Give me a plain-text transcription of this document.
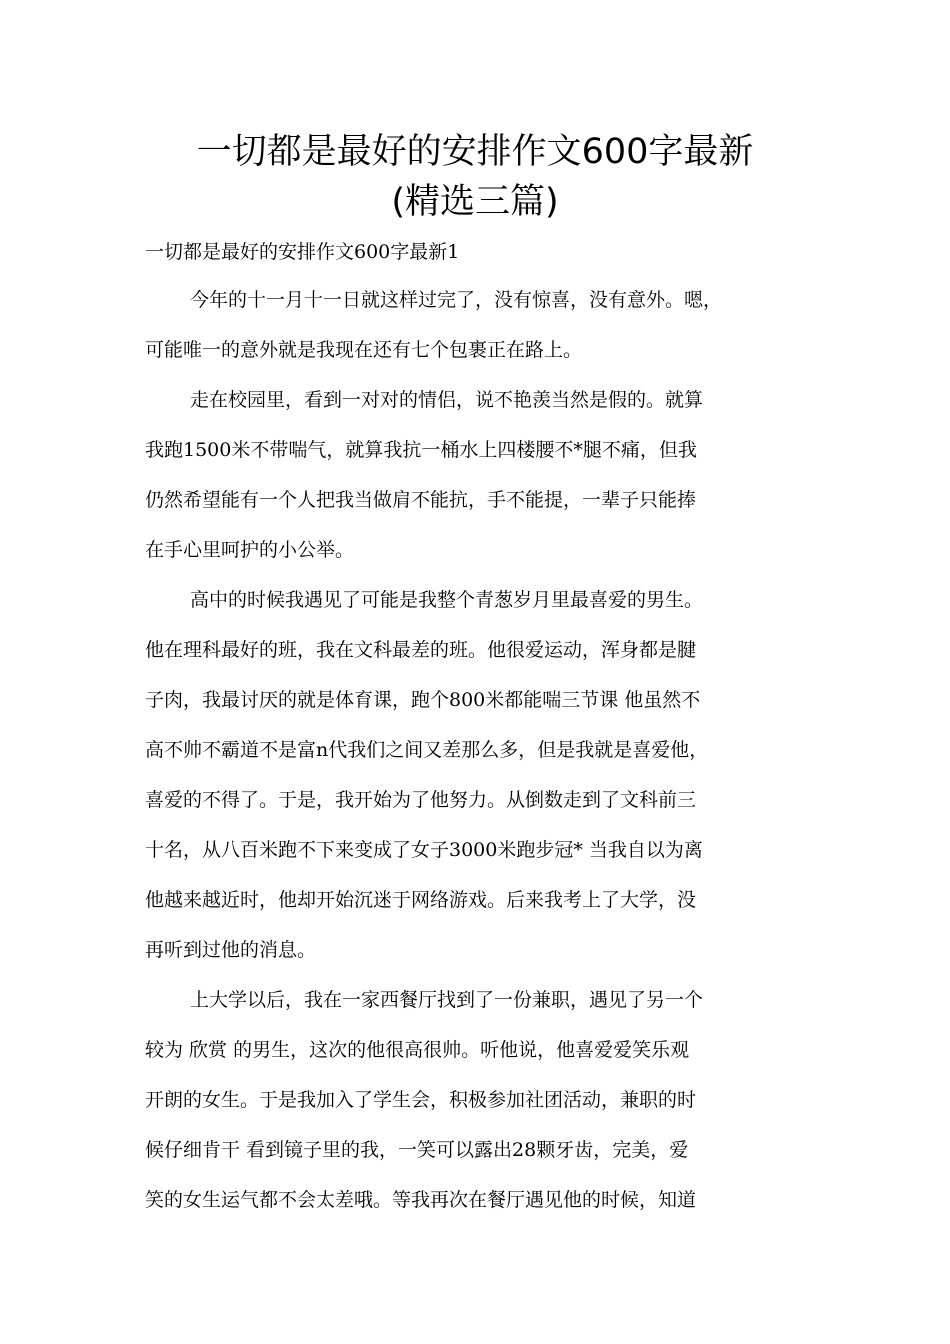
一切都是最好的安排作文600字最新
(精选三篇)
一切都是最好的安排作文600字最新1
今年的十一月十一日就这样过完了，没有惊喜，没有意外。嗯，
可能唯一的意外就是我现在还有七个包裹正在路上。
走在校园里，看到一对对的情侣，说不艳羡当然是假的。就算
我跑1500米不带喘气，就算我抗一桶水上四楼腰不*腿不痛，但我
仍然希望能有一个人把我当做肩不能抗，手不能提，一辈子只能捧
在手心里呵护的小公举。
高中的时候我遇见了可能是我整个青葱岁月里最喜爱的男生。
他在理科最好的班，我在文科最差的班。他很爱运动，浑身都是腱
子肉，我最讨厌的就是体育课，跑个800米都能喘三节课 他虽然不
高不帅不霸道不是富n代我们之间又差那么多，但是我就是喜爱他，
喜爱的不得了。于是，我开始为了他努力。从倒数走到了文科前三
十名，从八百米跑不下来变成了女子3000米跑步冠* 当我自以为离
他越来越近时，他却开始沉迷于网络游戏。后来我考上了大学，没
再听到过他的消息。
上大学以后，我在一家西餐厅找到了一份兼职，遇见了另一个
较为 欣赏 的男生，这次的他很高很帅。听他说，他喜爱爱笑乐观
开朗的女生。于是我加入了学生会，积极参加社团活动，兼职的时
候仔细肯干 看到镜子里的我，一笑可以露出28颗牙齿，完美，爱
笑的女生运气都不会太差哦。等我再次在餐厅遇见他的时候，知道
